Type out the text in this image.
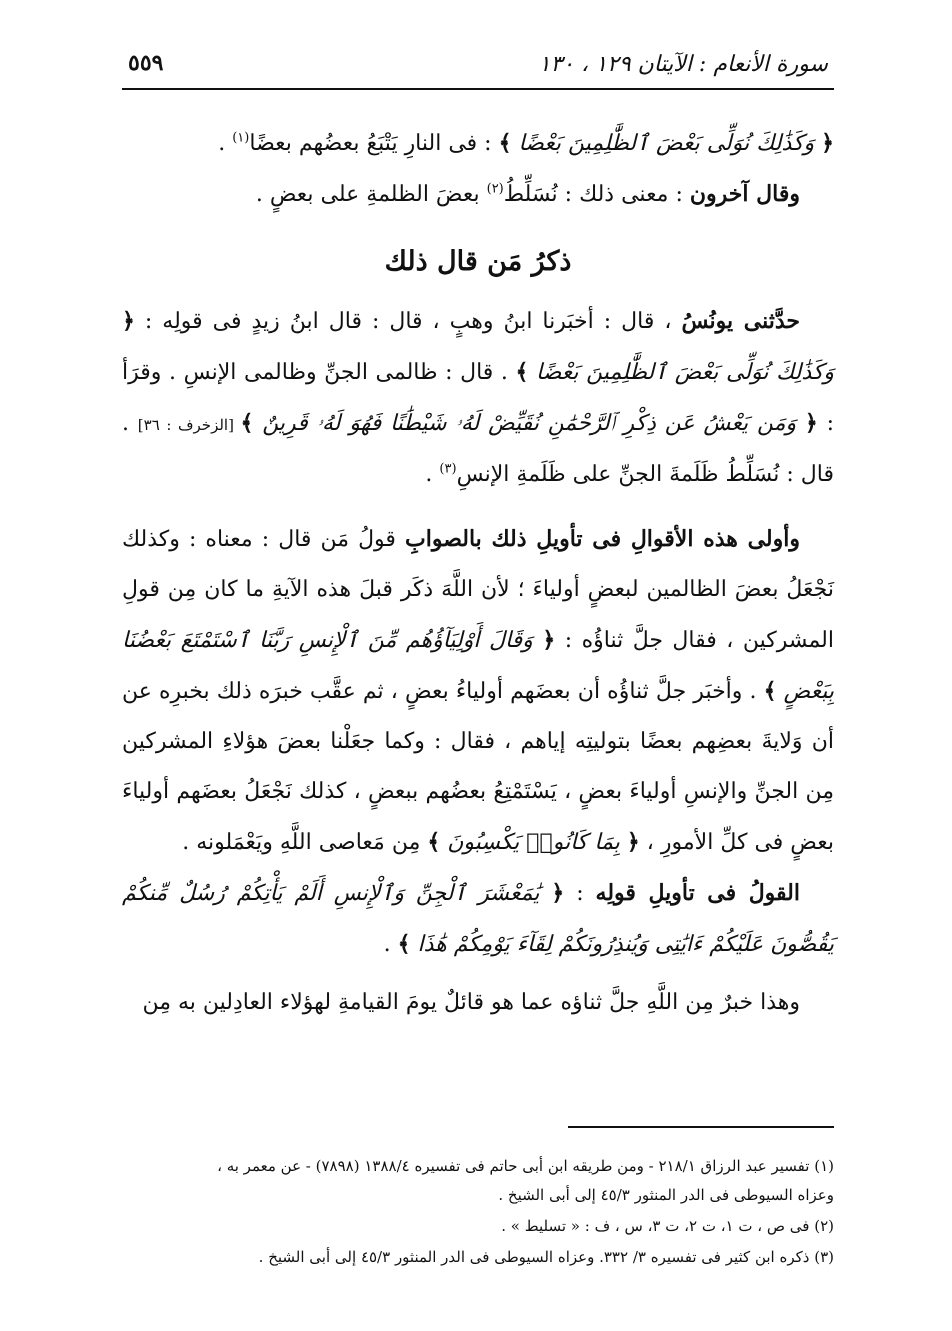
سورة الأنعام : الآيتان ١٢٩ ، ١٣٠
٥٥٩

﴿ وَكَذَٰلِكَ نُوَلِّى بَعْضَ ٱلظَّٰلِمِينَ بَعْضًا ﴾ : فى النارِ يَتْبَعُ بعضُهم بعضًا$^{(١)}$ .

وقال آخرون : معنى ذلك : نُسَلِّطُ$^{(٢)}$ بعضَ الظلمةِ على بعضٍ .

ذكرُ مَن قال ذلك

حدَّثنى يونُسُ ، قال : أخبَرنا ابنُ وهبٍ ، قال : قال ابنُ زيدٍ فى قولِه : ﴿ وَكَذَٰلِكَ نُوَلِّى بَعْضَ ٱلظَّٰلِمِينَ بَعْضًا ﴾ . قال : ظالمى الجنِّ وظالمى الإنسِ . وقرَأ : ﴿ وَمَن يَعْشُ عَن ذِكْرِ ٱلرَّحْمَٰنِ نُقَيِّضْ لَهُۥ شَيْطَٰنًا فَهُوَ لَهُۥ قَرِينٌ ﴾ [الزخرف : ٣٦] . قال : نُسَلِّطُ ظَلَمةَ الجنِّ على ظَلَمةِ الإنسِ$^{(٣)}$ .

وأولى هذه الأقوالِ فى تأويلِ ذلك بالصوابِ قولُ مَن قال : معناه : وكذلك نَجْعَلُ بعضَ الظالمين لبعضٍ أولياءَ ؛ لأن اللَّهَ ذكَر قبلَ هذه الآيةِ ما كان مِن قولِ المشركين ، فقال جلَّ ثناؤُه : ﴿ وَقَالَ أَوْلِيَآؤُهُم مِّنَ ٱلْإِنسِ رَبَّنَا ٱسْتَمْتَعَ بَعْضُنَا بِبَعْضٍ ﴾ . وأخبَر جلَّ ثناؤُه أن بعضَهم أولياءُ بعضٍ ، ثم عقَّب خبرَه ذلك بخبرِه عن أن وَلايةَ بعضِهم بعضًا بتوليتِه إياهم ، فقال : وكما جعَلْنا بعضَ هؤلاءِ المشركين مِن الجنِّ والإنسِ أولياءَ بعضٍ ، يَسْتَمْتِعُ بعضُهم ببعضٍ ، كذلك نَجْعَلُ بعضَهم أولياءَ بعضٍ فى كلِّ الأمورِ ، ﴿ بِمَا كَانُوا۟ يَكْسِبُونَ ﴾ مِن مَعاصى اللَّهِ ويَعْمَلونه .

القولُ فى تأويلِ قولِه : ﴿ يَٰمَعْشَرَ ٱلْجِنِّ وَٱلْإِنسِ أَلَمْ يَأْتِكُمْ رُسُلٌ مِّنكُمْ يَقُصُّونَ عَلَيْكُمْ ءَايَٰتِى وَيُنذِرُونَكُمْ لِقَآءَ يَوْمِكُمْ هَٰذَا ﴾ .

وهذا خبرٌ مِن اللَّهِ جلَّ ثناؤه عما هو قائلٌ يومَ القيامةِ لهؤلاء العادِلين به مِن

(١) تفسير عبد الرزاق ٢١٨/١ - ومن طريقه ابن أبى حاتم فى تفسيره ١٣٨٨/٤ (٧٨٩٨) - عن معمر به ،
وعزاه السيوطى فى الدر المنثور ٤٥/٣ إلى أبى الشيخ .

(٢) فى ص ، ت ١، ت ٢، ت ٣، س ، ف : « تسليط » .

(٣) ذكره ابن كثير فى تفسيره ٣/ ٣٣٢. وعزاه السيوطى فى الدر المنثور ٤٥/٣ إلى أبى الشيخ .
